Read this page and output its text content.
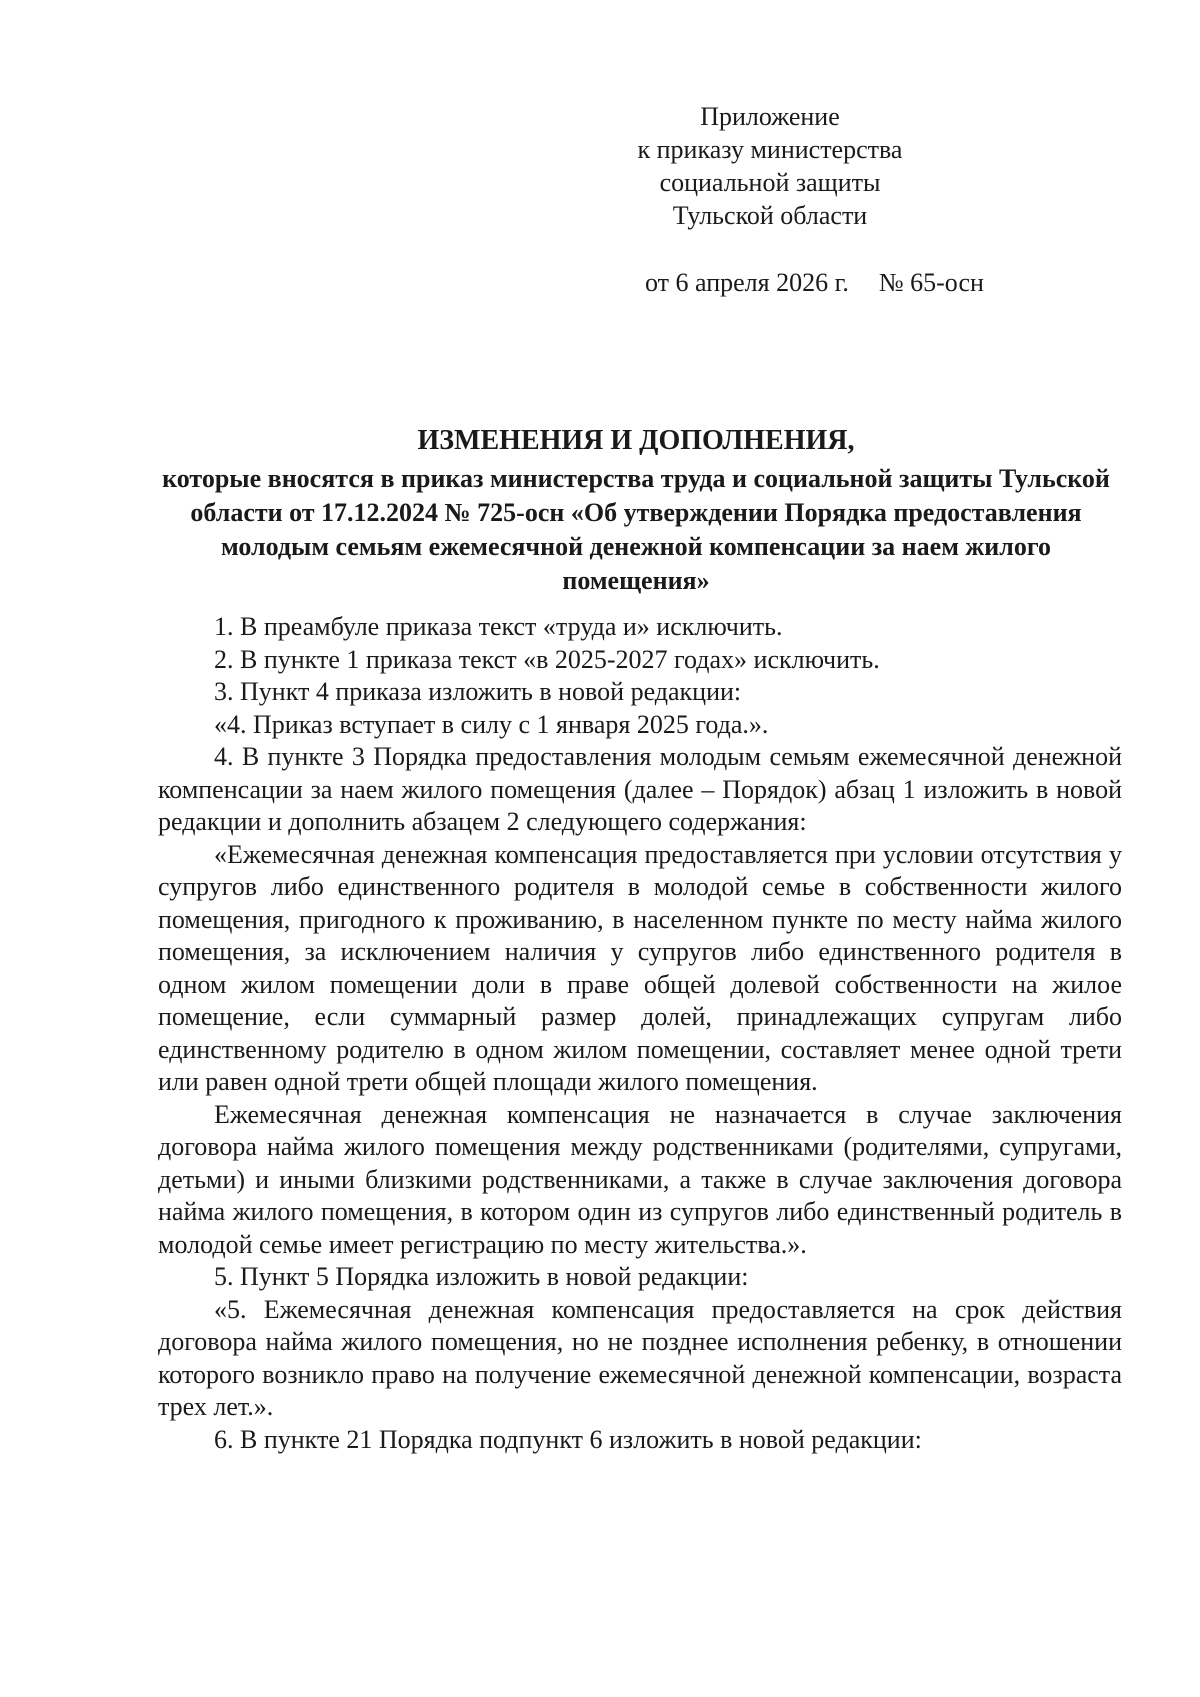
Приложение
к приказу министерства
социальной защиты
Тульской области
от 6 апреля 2026 г. № 65-осн
ИЗМЕНЕНИЯ И ДОПОЛНЕНИЯ,
которые вносятся в приказ министерства труда и социальной защиты Тульской области от 17.12.2024 № 725-осн «Об утверждении Порядка предоставления молодым семьям ежемесячной денежной компенсации за наем жилого помещения»

1. В преамбуле приказа текст «труда и» исключить.

2. В пункте 1 приказа текст «в 2025-2027 годах» исключить.

3. Пункт 4 приказа изложить в новой редакции:

«4. Приказ вступает в силу с 1 января 2025 года.».

4. В пункте 3 Порядка предоставления молодым семьям ежемесячной денежной компенсации за наем жилого помещения (далее – Порядок) абзац 1 изложить в новой редакции и дополнить абзацем 2 следующего содержания:

«Ежемесячная денежная компенсация предоставляется при условии отсутствия у супругов либо единственного родителя в молодой семье в собственности жилого помещения, пригодного к проживанию, в населенном пункте по месту найма жилого помещения, за исключением наличия у супругов либо единственного родителя в одном жилом помещении доли в праве общей долевой собственности на жилое помещение, если суммарный размер долей, принадлежащих супругам либо единственному родителю в одном жилом помещении, составляет менее одной трети или равен одной трети общей площади жилого помещения.

Ежемесячная денежная компенсация не назначается в случае заключения договора найма жилого помещения между родственниками (родителями, супругами, детьми) и иными близкими родственниками, а также в случае заключения договора найма жилого помещения, в котором один из супругов либо единственный родитель в молодой семье имеет регистрацию по месту жительства.».

5. Пункт 5 Порядка изложить в новой редакции:

«5. Ежемесячная денежная компенсация предоставляется на срок действия договора найма жилого помещения, но не позднее исполнения ребенку, в отношении которого возникло право на получение ежемесячной денежной компенсации, возраста трех лет.».

6. В пункте 21 Порядка подпункт 6 изложить в новой редакции:
